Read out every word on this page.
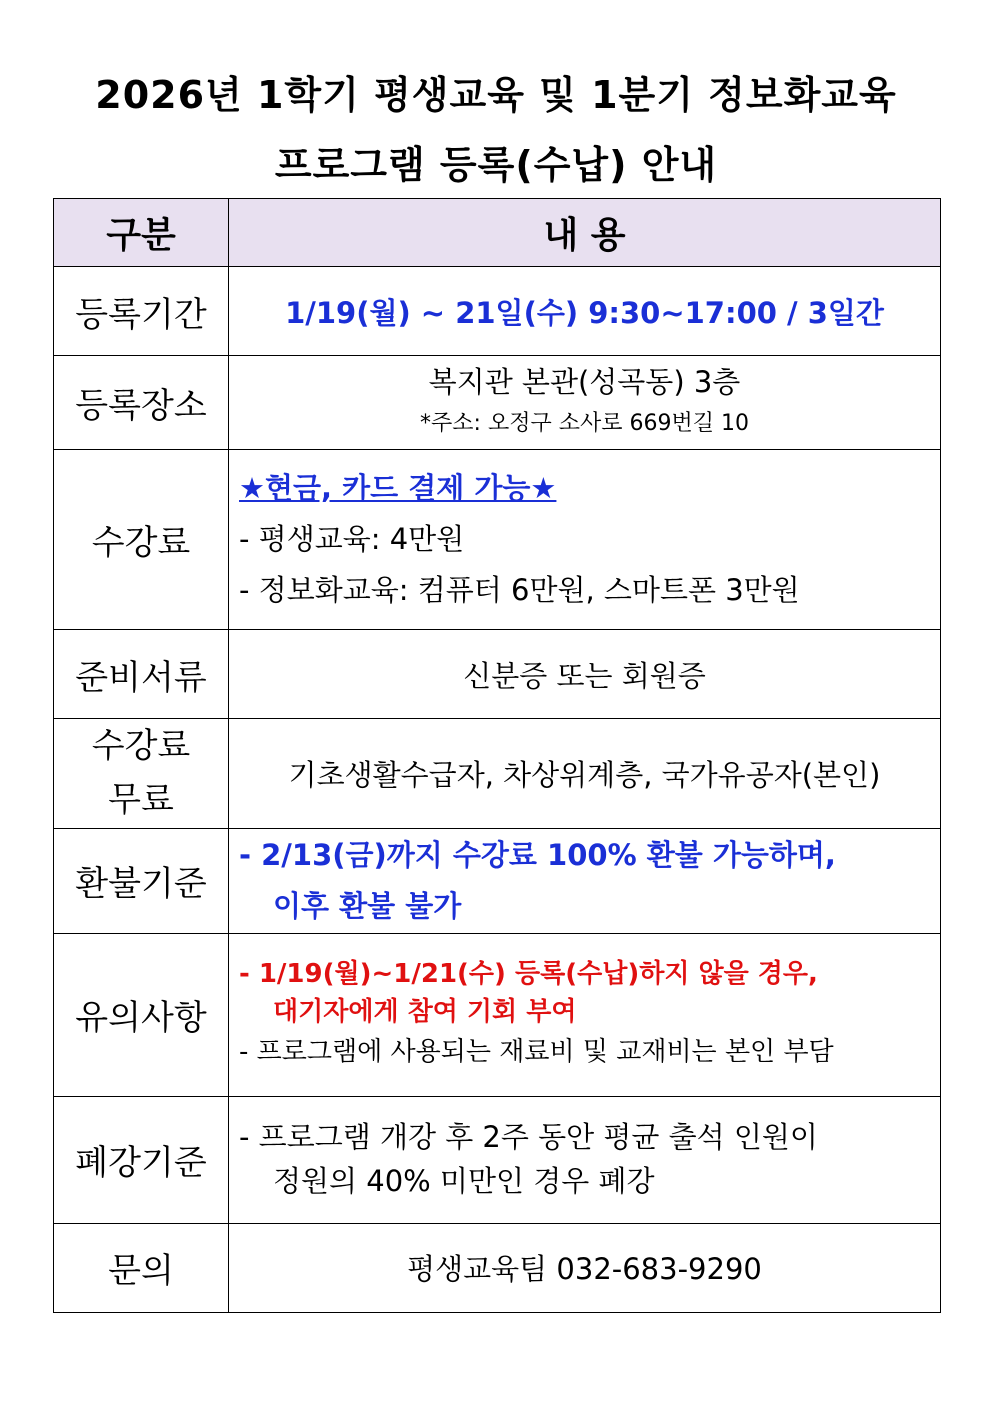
2026년 1학기 평생교육 및 1분기 정보화교육
프로그램 등록(수납) 안내
구분	내 용
등록기간	1/19(월) ~ 21일(수) 9:30~17:00 / 3일간
등록장소	복지관 본관(성곡동) 3층
*주소: 오정구 소사로 669번길 10

수강료	★현금, 카드 결제 가능★
- 평생교육: 4만원
- 정보화교육: 컴퓨터 6만원, 스마트폰 3만원

준비서류	신분증 또는 회원증

수강료
무료	기초생활수급자, 차상위계층, 국가유공자(본인)
환불기준	- 2/13(금)까지 수강료 100% 환불 가능하며,
이후 환불 불가

유의사항	- 1/19(월)~1/21(수) 등록(수납)하지 않을 경우,
대기자에게 참여 기회 부여
- 프로그램에 사용되는 재료비 및 교재비는 본인 부담

폐강기준	- 프로그램 개강 후 2주 동안 평균 출석 인원이
정원의 40% 미만인 경우 폐강

문의	평생교육팀 032-683-9290
